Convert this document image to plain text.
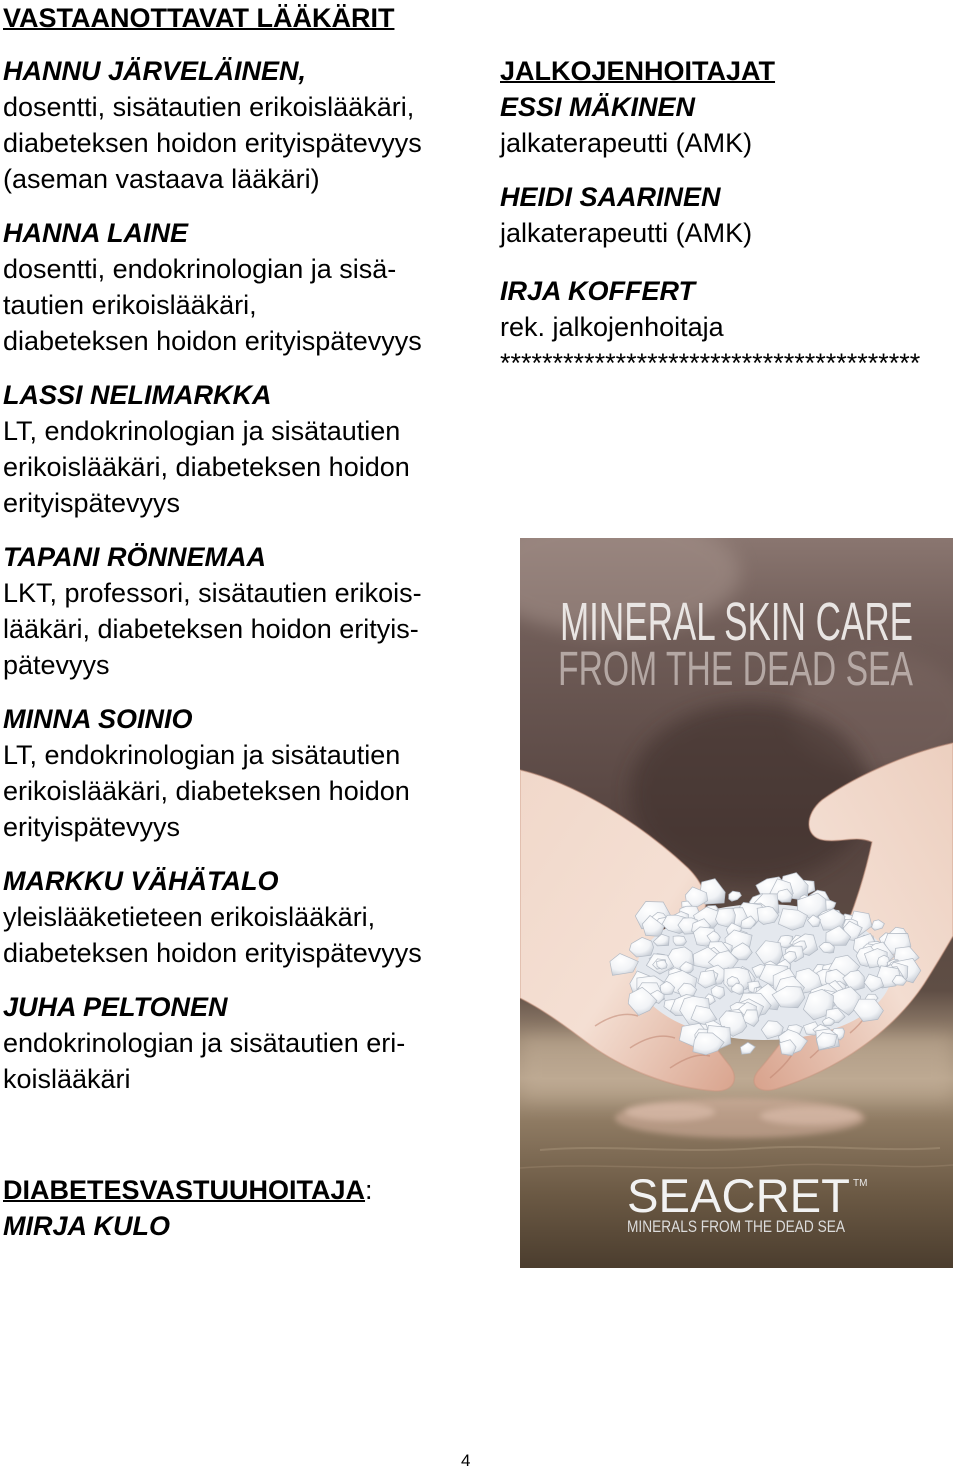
VASTAANOTTAVAT LÄÄKÄRIT
HANNU JÄRVELÄINEN,
dosentti, sisätautien erikoislääkäri,
diabeteksen hoidon erityispätevyys
(aseman vastaava lääkäri)
HANNA LAINE
dosentti, endokrinologian ja sisä-
tautien erikoislääkäri,
diabeteksen hoidon erityispätevyys
LASSI NELIMARKKA
LT, endokrinologian ja sisätautien
erikoislääkäri, diabeteksen hoidon
erityispätevyys
TAPANI RÖNNEMAA
LKT, professori, sisätautien erikois-
lääkäri, diabeteksen hoidon erityis-
pätevyys
MINNA SOINIO
LT, endokrinologian ja sisätautien
erikoislääkäri, diabeteksen hoidon
erityispätevyys
MARKKU VÄHÄTALO
yleislääketieteen erikoislääkäri,
diabeteksen hoidon erityispätevyys
JUHA PELTONEN
endokrinologian ja sisätautien eri-
koislääkäri
DIABETESVASTUUHOITAJA:
MIRJA KULO
JALKOJENHOITAJAT
ESSI MÄKINEN
jalkaterapeutti (AMK)
HEIDI SAARINEN
jalkaterapeutti (AMK)
IRJA KOFFERT
rek. jalkojenhoitaja
****************************************
MINERAL SKIN CARE
FROM THE DEAD SEA
SEACRET TM
MINERALS FROM THE DEAD SEA
4
